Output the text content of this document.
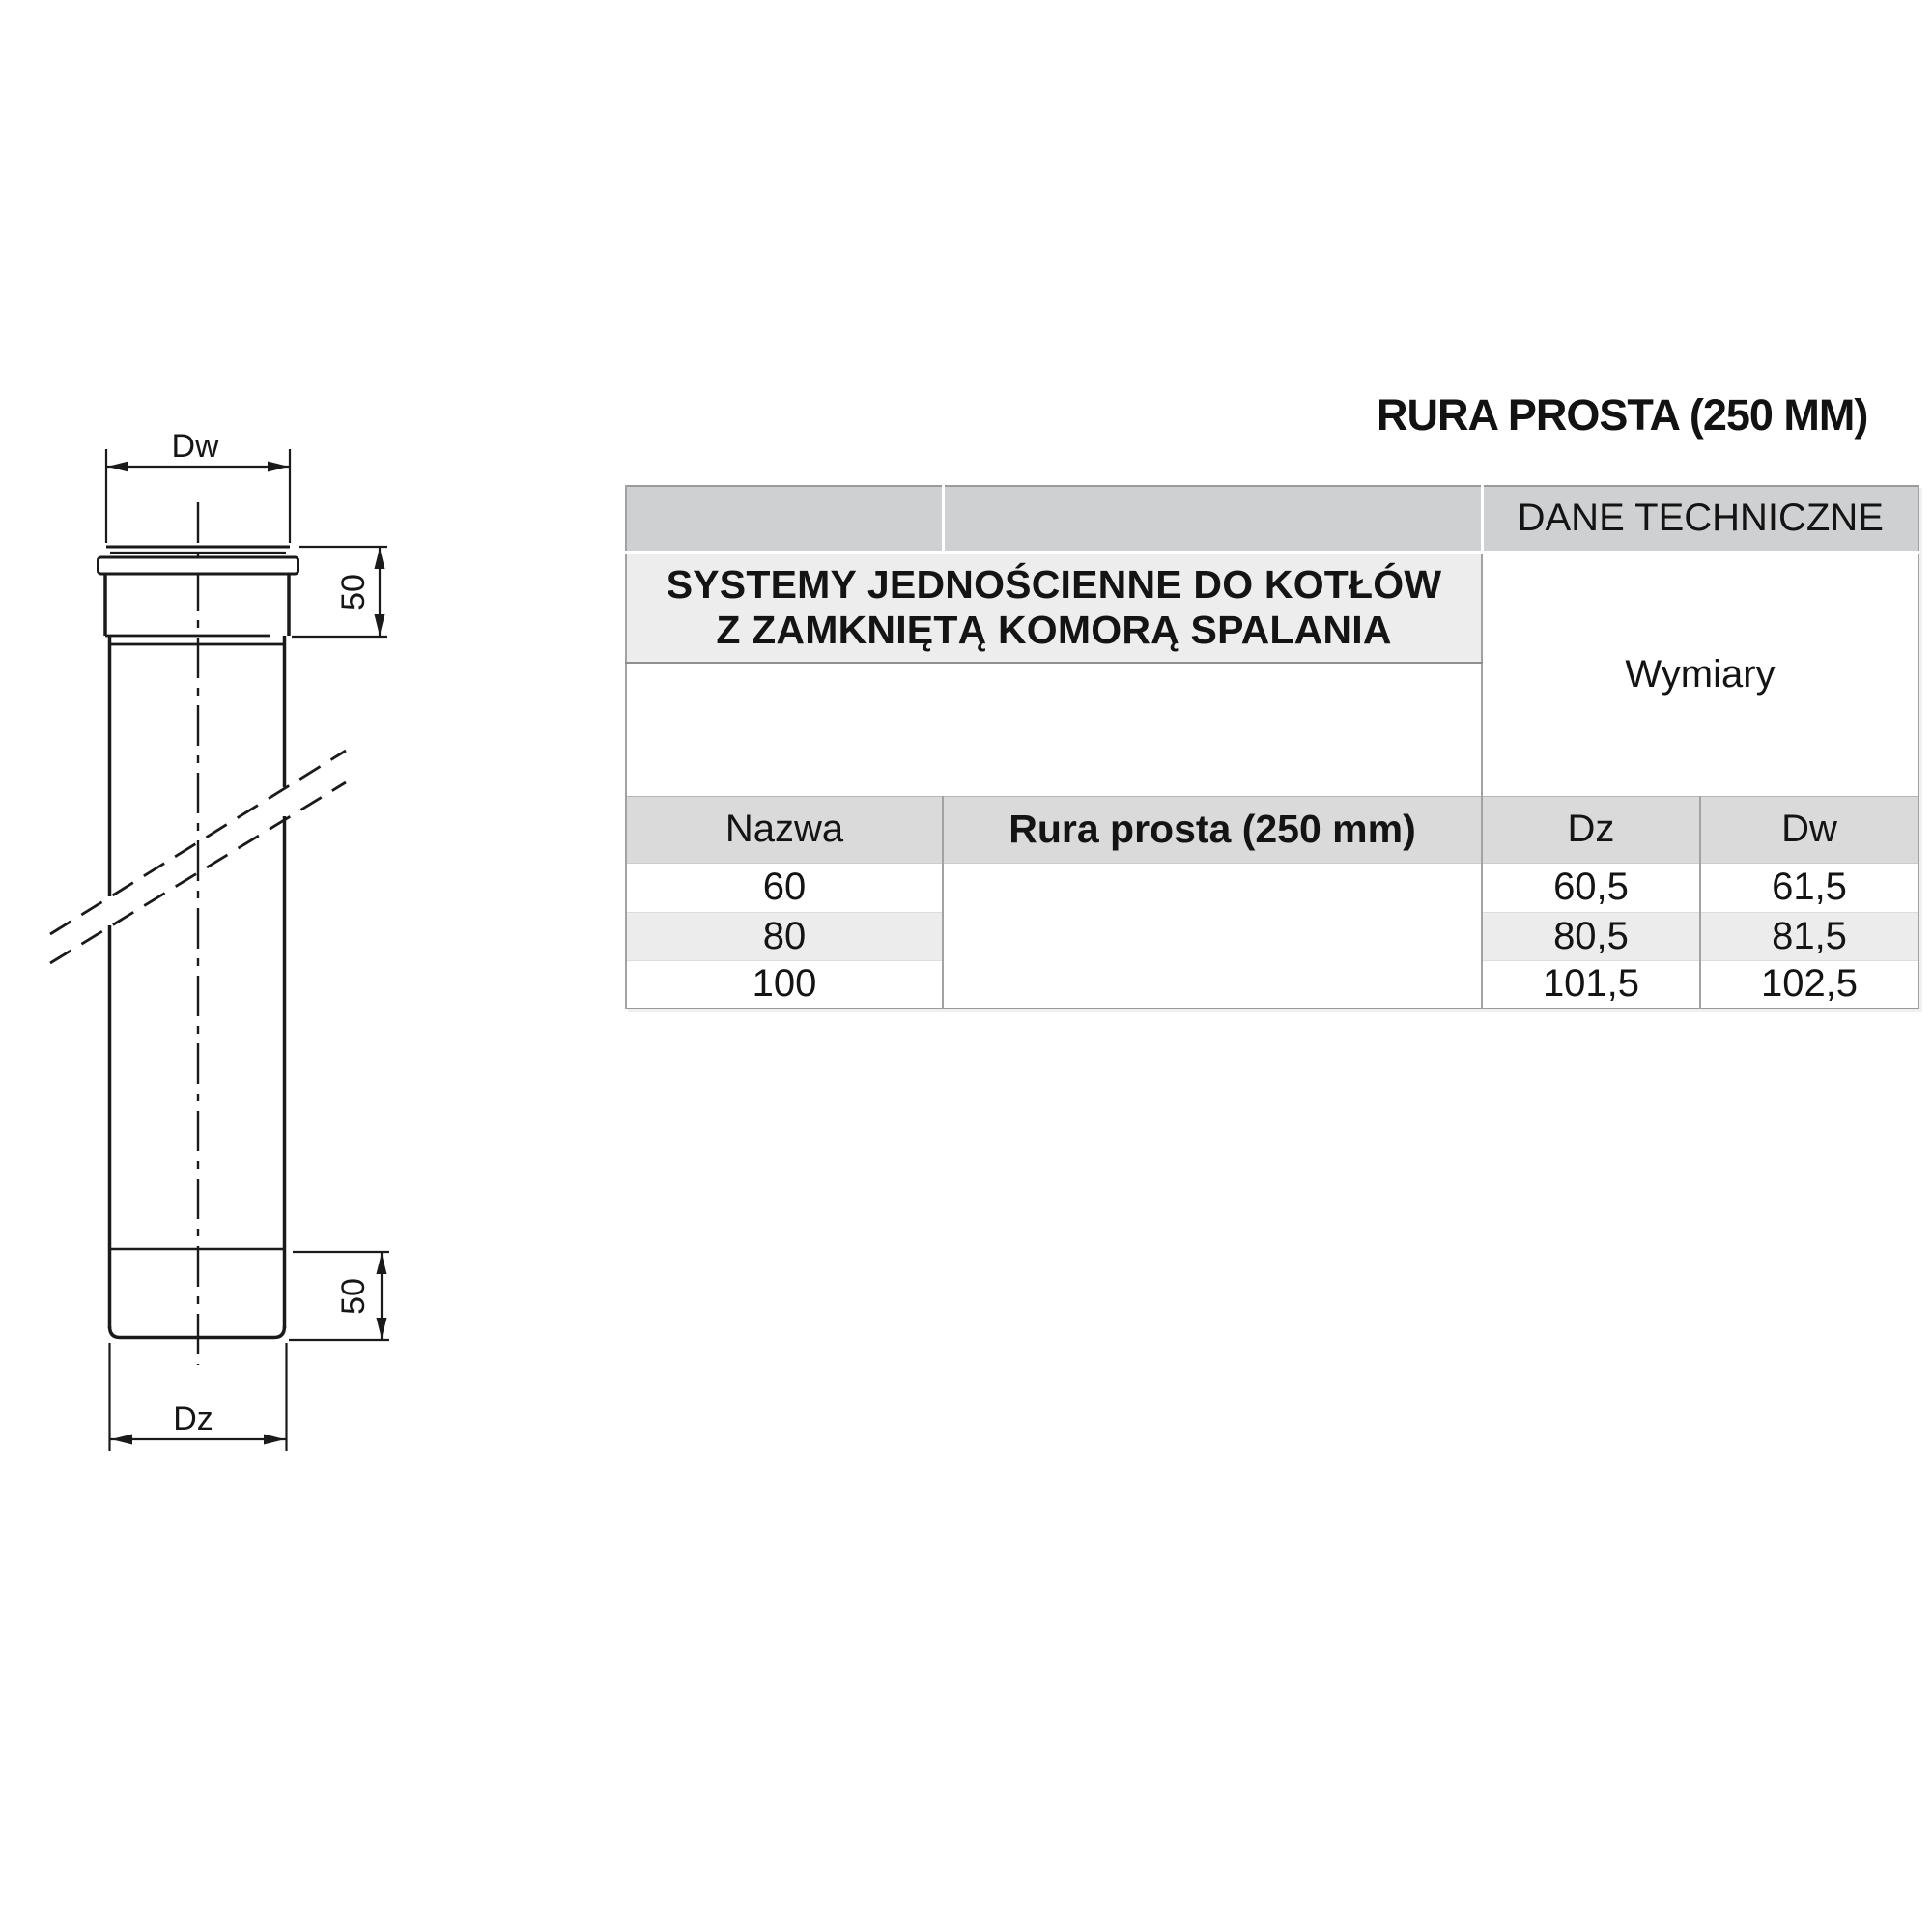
RURA PROSTA (250 MM)
Dw
50
50
Dz
		DANE TECHNICZNE	

SYSTEMY JEDNOŚCIENNE DO KOTŁÓW
Z ZAMKNIĘTĄ KOMORĄ SPALANIA		Wymiary	

Nazwa	Rura prosta (250 mm)	Dz	Dw
60		60,5	61,5
80		80,5	81,5
100		101,5	102,5
